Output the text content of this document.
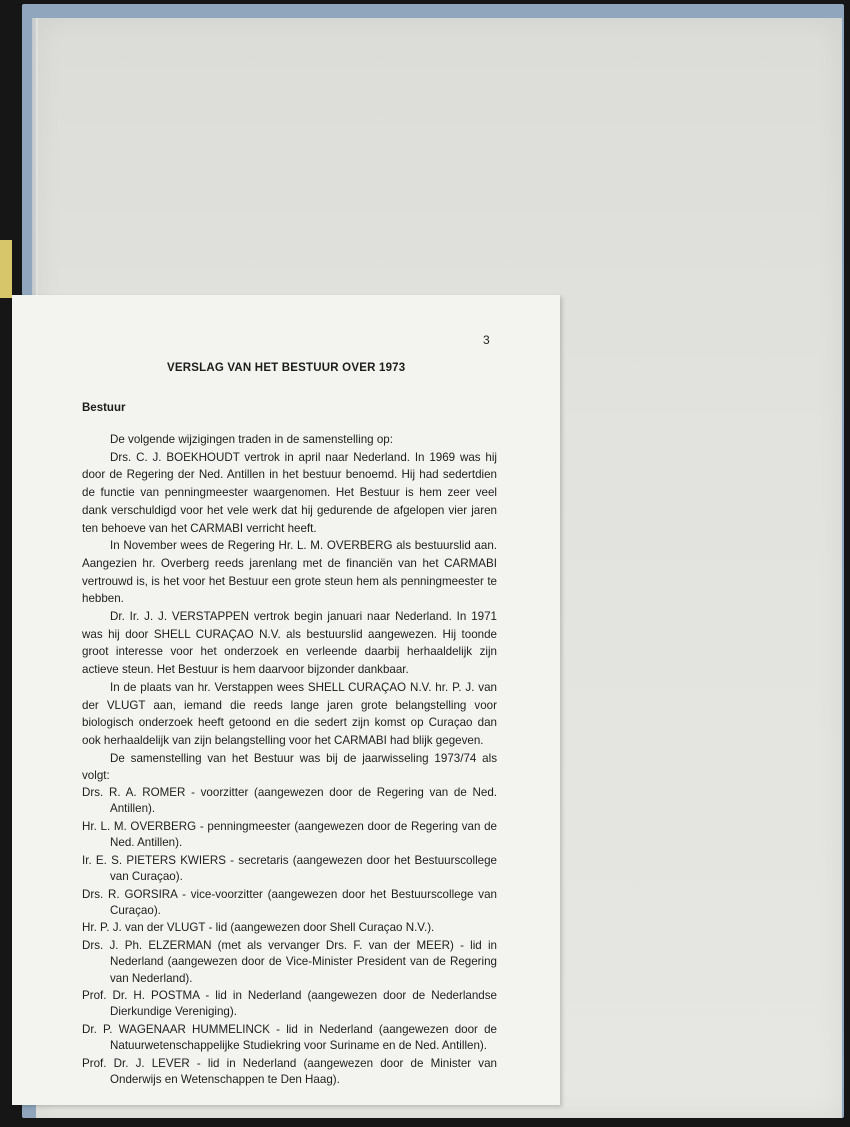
3
VERSLAG VAN HET BESTUUR OVER 1973
Bestuur

De volgende wijzigingen traden in de samenstelling op:

Drs. C. J. BOEKHOUDT vertrok in april naar Nederland. In 1969 was hij door de Regering der Ned. Antillen in het bestuur benoemd. Hij had sedertdien de functie van penningmeester waargenomen. Het Bestuur is hem zeer veel dank verschuldigd voor het vele werk dat hij gedurende de afgelopen vier jaren ten behoeve van het CARMABI verricht heeft.

In November wees de Regering Hr. L. M. OVERBERG als bestuurslid aan. Aangezien hr. Overberg reeds jarenlang met de financiën van het CARMABI vertrouwd is, is het voor het Bestuur een grote steun hem als penningmeester te hebben.

Dr. Ir. J. J. VERSTAPPEN vertrok begin januari naar Nederland. In 1971 was hij door SHELL CURAÇAO N.V. als bestuurslid aangewezen. Hij toonde groot interesse voor het onderzoek en verleende daarbij herhaaldelijk zijn actieve steun. Het Bestuur is hem daarvoor bijzonder dankbaar.

In de plaats van hr. Verstappen wees SHELL CURAÇAO N.V. hr. P. J. van der VLUGT aan, iemand die reeds lange jaren grote belangstelling voor biologisch onderzoek heeft getoond en die sedert zijn komst op Curaçao dan ook herhaaldelijk van zijn belangstelling voor het CARMABI had blijk gegeven.

De samenstelling van het Bestuur was bij de jaarwisseling 1973/74 als volgt:

Drs. R. A. ROMER - voorzitter (aangewezen door de Regering van de Ned. Antillen).
Hr. L. M. OVERBERG - penningmeester (aangewezen door de Regering van de Ned. Antillen).
Ir. E. S. PIETERS KWIERS - secretaris (aangewezen door het Bestuurscollege van Curaçao).
Drs. R. GORSIRA - vice-voorzitter (aangewezen door het Bestuurscollege van Curaçao).
Hr. P. J. van der VLUGT - lid (aangewezen door Shell Curaçao N.V.).
Drs. J. Ph. ELZERMAN (met als vervanger Drs. F. van der MEER) - lid in Nederland (aangewezen door de Vice-Minister President van de Regering van Nederland).
Prof. Dr. H. POSTMA - lid in Nederland (aangewezen door de Nederlandse Dierkundige Vereniging).
Dr. P. WAGENAAR HUMMELINCK - lid in Nederland (aangewezen door de Natuurwetenschappelijke Studiekring voor Suriname en de Ned. Antillen).
Prof. Dr. J. LEVER - lid in Nederland (aangewezen door de Minister van Onderwijs en Wetenschappen te Den Haag).
